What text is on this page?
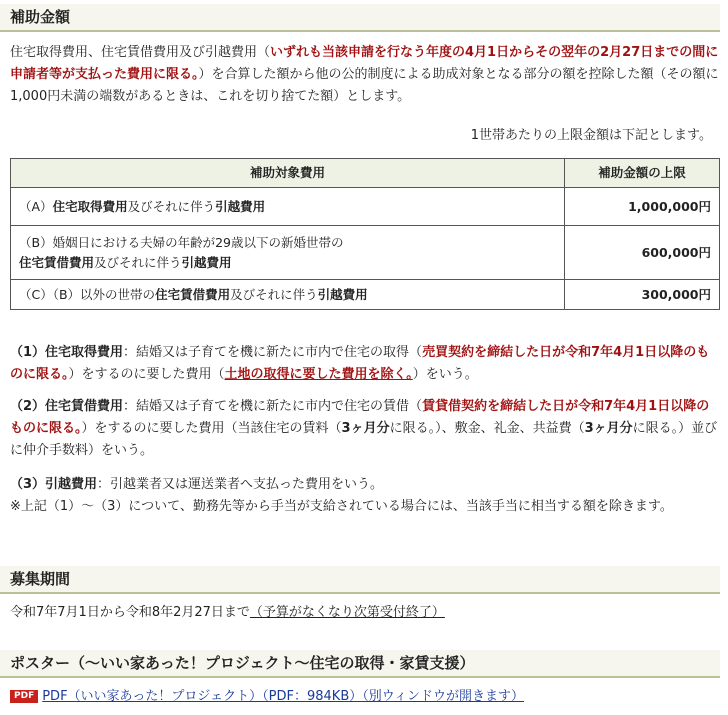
補助金額
住宅取得費用、住宅賃借費用及び引越費用（いずれも当該申請を行なう年度の4月1日からその翌年の2月27日までの間に申請者等が支払った費用に限る。）を合算した額から他の公的制度による助成対象となる部分の額を控除した額（その額に1,000円未満の端数があるときは、これを切り捨てた額）とします。
1世帯あたりの上限金額は下記とします。
補助対象費用	補助金額の上限
（A）住宅取得費用及びそれに伴う引越費用	1,000,000円
（B）婚姻日における夫婦の年齢が29歳以下の新婚世帯の
住宅賃借費用及びそれに伴う引越費用	600,000円
（C）（B）以外の世帯の住宅賃借費用及びそれに伴う引越費用	300,000円
（1）住宅取得費用：結婚又は子育てを機に新たに市内で住宅の取得（売買契約を締結した日が令和7年4月1日以降のものに限る。）をするのに要した費用（土地の取得に要した費用を除く。）をいう。
（2）住宅賃借費用：結婚又は子育てを機に新たに市内で住宅の賃借（賃貸借契約を締結した日が令和7年4月1日以降のものに限る。）をするのに要した費用（当該住宅の賃料（3ヶ月分に限る。）、敷金、礼金、共益費（3ヶ月分に限る。）並びに仲介手数料）をいう。
（3）引越費用：引越業者又は運送業者へ支払った費用をいう。
※上記（1）〜（3）について、勤務先等から手当が支給されている場合には、当該手当に相当する額を除きます。
募集期間
令和7年7月1日から令和8年2月27日まで（予算がなくなり次第受付終了）
ポスター（〜いい家あった！プロジェクト〜住宅の取得・家賃支援）
PDF PDF（いい家あった！プロジェクト）（PDF：984KB）（別ウィンドウが開きます）
